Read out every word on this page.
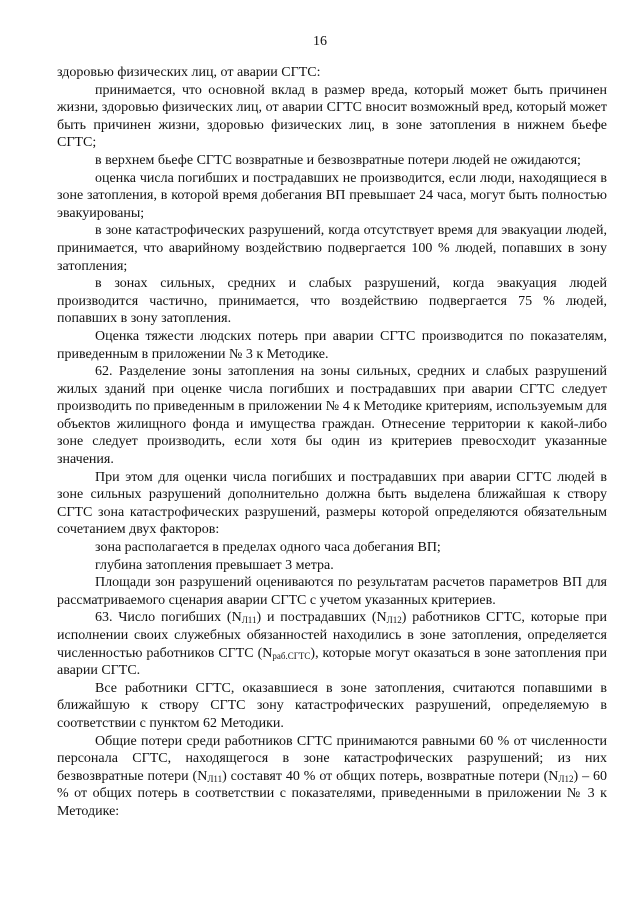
16

здоровью физических лиц, от аварии СГТС:

принимается, что основной вклад в размер вреда, который может быть причинен жизни, здоровью физических лиц, от аварии СГТС вносит возможный вред, который может быть причинен жизни, здоровью физических лиц, в зоне затопления в нижнем бьефе СГТС;

в верхнем бьефе СГТС возвратные и безвозвратные потери людей не ожидаются;

оценка числа погибших и пострадавших не производится, если люди, находящиеся в зоне затопления, в которой время добегания ВП превышает 24 часа, могут быть полностью эвакуированы;

в зоне катастрофических разрушений, когда отсутствует время для эвакуации людей, принимается, что аварийному воздействию подвергается 100 % людей, попавших в зону затопления;

в зонах сильных, средних и слабых разрушений, когда эвакуация людей производится частично, принимается, что воздействию подвергается 75 % людей, попавших в зону затопления.

Оценка тяжести людских потерь при аварии СГТС производится по показателям, приведенным в приложении № 3 к Методике.

62. Разделение зоны затопления на зоны сильных, средних и слабых разрушений жилых зданий при оценке числа погибших и пострадавших при аварии СГТС следует производить по приведенным в приложении № 4 к Методике критериям, используемым для объектов жилищного фонда и имущества граждан. Отнесение территории к какой-либо зоне следует производить, если хотя бы один из критериев превосходит указанные значения.

При этом для оценки числа погибших и пострадавших при аварии СГТС людей в зоне сильных разрушений дополнительно должна быть выделена ближайшая к створу СГТС зона катастрофических разрушений, размеры которой определяются обязательным сочетанием двух факторов:

зона располагается в пределах одного часа добегания ВП;

глубина затопления превышает 3 метра.

Площади зон разрушений оцениваются по результатам расчетов параметров ВП для рассматриваемого сценария аварии СГТС с учетом указанных критериев.

63. Число погибших $(N_{Л11})$ и пострадавших $(N_{Л12})$ работников СГТС, которые при исполнении своих служебных обязанностей находились в зоне затопления, определяется численностью работников СГТС $(N_{раб.СГТС})$, которые могут оказаться в зоне затопления при аварии СГТС.

Все работники СГТС, оказавшиеся в зоне затопления, считаются попавшими в ближайшую к створу СГТС зону катастрофических разрушений, определяемую в соответствии с пунктом 62 Методики.

Общие потери среди работников СГТС принимаются равными 60 % от численности персонала СГТС, находящегося в зоне катастрофических разрушений; из них безвозвратные потери $(N_{Л11})$ составят 40 % от общих потерь, возвратные потери $(N_{Л12}) - 60$ % от общих потерь в соответствии с показателями, приведенными в приложении № 3 к Методике:
